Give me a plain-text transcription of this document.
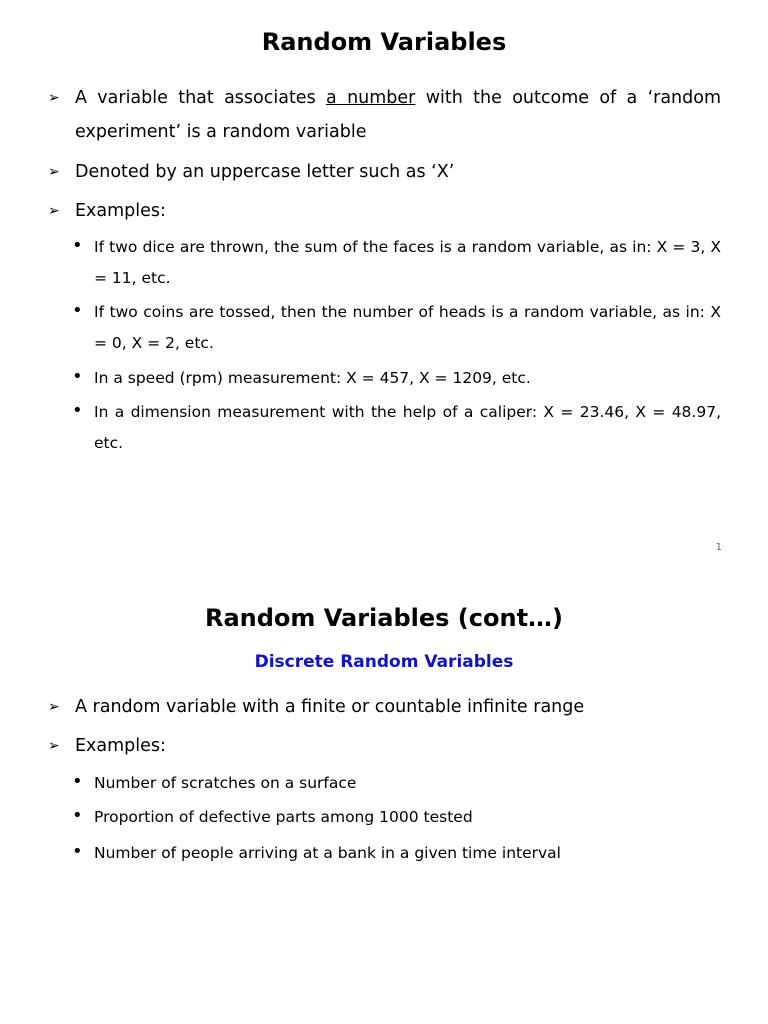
Random Variables
➢ A variable that associates a number with the outcome of a ‘random experiment’ is a random variable
➢ Denoted by an uppercase letter such as ‘X’
➢ Examples:
• If two dice are thrown, the sum of the faces is a random variable, as in: X = 3, X = 11, etc.
• If two coins are tossed, then the number of heads is a random variable, as in: X = 0, X = 2, etc.
• In a speed (rpm) measurement: X = 457, X = 1209, etc.
• In a dimension measurement with the help of a caliper: X = 23.46, X = 48.97, etc.
1
Random Variables (cont…)
Discrete Random Variables
➢ A random variable with a finite or countable infinite range
➢ Examples:
• Number of scratches on a surface
• Proportion of defective parts among 1000 tested
• Number of people arriving at a bank in a given time interval
